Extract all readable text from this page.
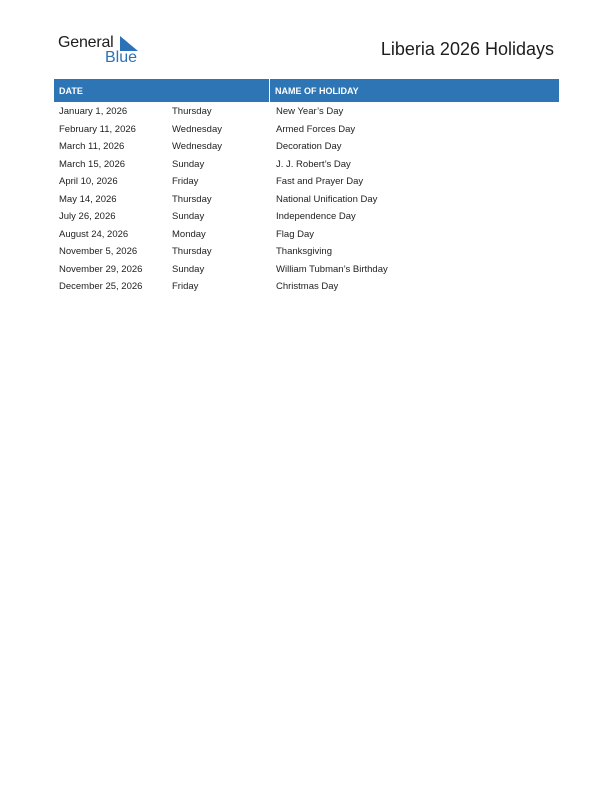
General
Blue	Liberia 2026 Holidays
DATE	NAME OF HOLIDAY
January 1, 2026	Thursday	New Year’s Day
February 11, 2026	Wednesday	Armed Forces Day
March 11, 2026	Wednesday	Decoration Day
March 15, 2026	Sunday	J. J. Robert’s Day
April 10, 2026	Friday	Fast and Prayer Day
May 14, 2026	Thursday	National Unification Day
July 26, 2026	Sunday	Independence Day
August 24, 2026	Monday	Flag Day
November 5, 2026	Thursday	Thanksgiving
November 29, 2026	Sunday	William Tubman’s Birthday
December 25, 2026	Friday	Christmas Day
